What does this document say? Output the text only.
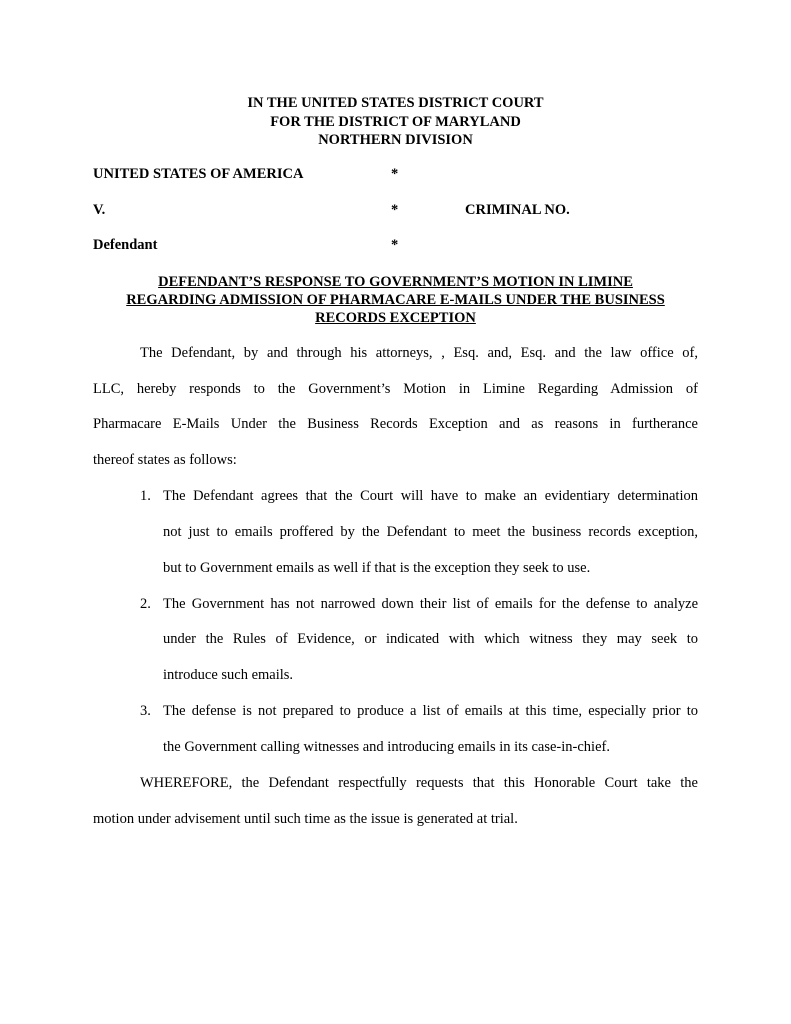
IN THE UNITED STATES DISTRICT COURT
FOR THE DISTRICT OF MARYLAND
NORTHERN DIVISION
UNITED STATES OF AMERICA	*
V.	*	CRIMINAL NO.
Defendant	*
DEFENDANT’S RESPONSE TO GOVERNMENT’S MOTION IN LIMINE
REGARDING ADMISSION OF PHARMACARE E-MAILS UNDER THE BUSINESS
RECORDS EXCEPTION
The Defendant, by and through his attorneys, , Esq. and, Esq. and the law office of,
LLC, hereby responds to the Government’s Motion in Limine Regarding Admission of
Pharmacare E-Mails Under the Business Records Exception and as reasons in furtherance
thereof states as follows:
1. The Defendant agrees that the Court will have to make an evidentiary determination
not just to emails proffered by the Defendant to meet the business records exception,
but to Government emails as well if that is the exception they seek to use.
2. The Government has not narrowed down their list of emails for the defense to analyze
under the Rules of Evidence, or indicated with which witness they may seek to
introduce such emails.
3. The defense is not prepared to produce a list of emails at this time, especially prior to
the Government calling witnesses and introducing emails in its case-in-chief.
WHEREFORE, the Defendant respectfully requests that this Honorable Court take the
motion under advisement until such time as the issue is generated at trial.
